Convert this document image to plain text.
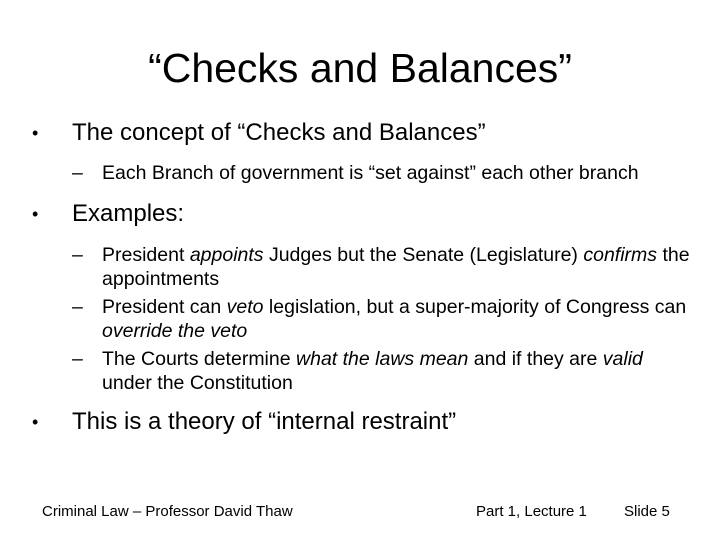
“Checks and Balances”
• The concept of “Checks and Balances”
– Each Branch of government is “set against” each other branch
• Examples:
– President appoints Judges but the Senate (Legislature) confirms the appointments
– President can veto legislation, but a super-majority of Congress can override the veto
– The Courts determine what the laws mean and if they are valid under the Constitution
• This is a theory of “internal restraint”
Criminal Law – Professor David Thaw	Part 1, Lecture 1 Slide 5
